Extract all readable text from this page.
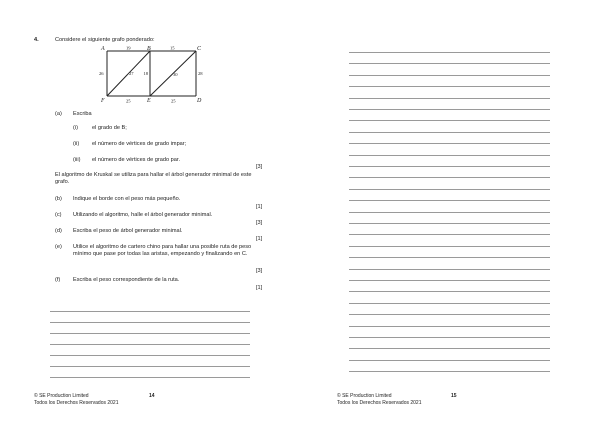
4.	Considere el siguiente grafo ponderado:
A	B	C
D
E
F
19	15
26	18	28
25	25
27	30
(a) Escriba
(i)	el grado de B;
(ii) el número de vértices de grado impar;
(iii) el número de vértices de grado par.
[3]
El algoritmo de Kruskal se utiliza para hallar el árbol generador minimal de este grafo.
(b) Indique el borde con el peso más pequeño.
[1]
(c) Utilizando el algoritmo, halle el árbol generador minimal.
[3]
(d) Escriba el peso de árbol generador minimal.
[1]
(e) Utilice el algoritmo de cartero chino para hallar una posible ruta de peso mínimo que pase por todas las aristas, empezando y finalizando en C.
[3]
(f) Escriba el peso correspondiente de la ruta.
[1]
© SE Production Limited
Todos los Derechos Reservados 2021
14	© SE Production Limited
Todos los Derechos Reservados 2021
15
